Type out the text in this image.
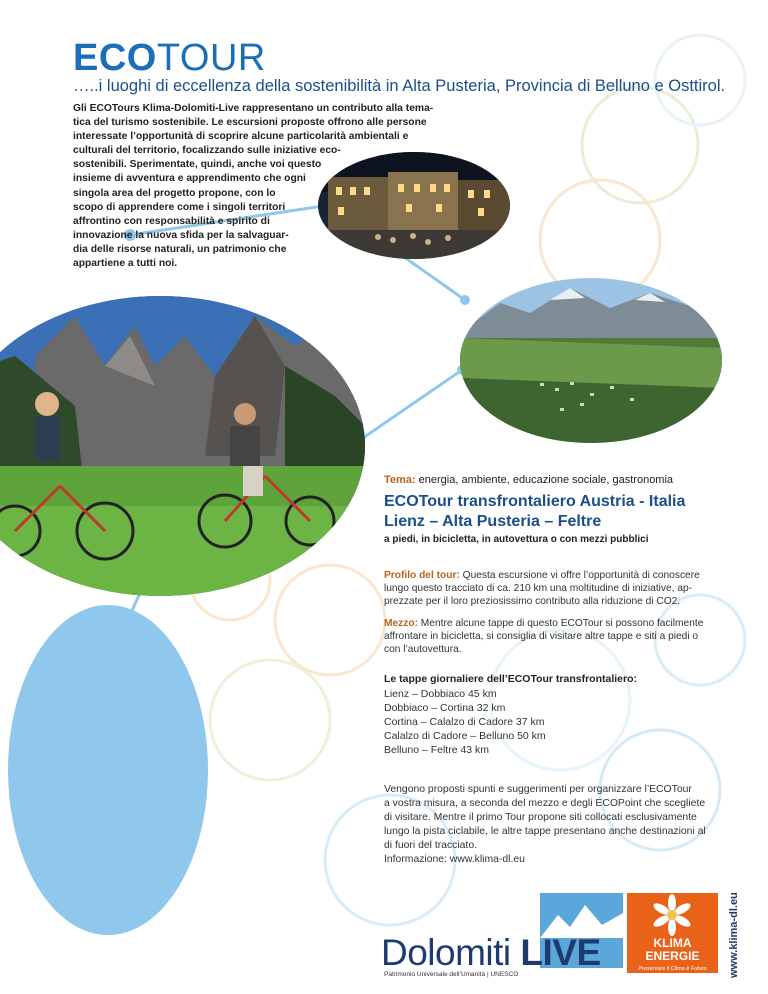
ECOTOUR
…..i luoghi di eccellenza della sostenibilità in Alta Pusteria, Provincia di Belluno e Osttirol.
Gli ECOTours Klima-Dolomiti-Live rappresentano un contributo alla tema-
tica del turismo sostenibile. Le escursioni proposte offrono alle persone
interessate l’opportunità di scoprire alcune particolarità ambientali e
culturali del territorio, focalizzando sulle iniziative eco-
sostenibili. Sperimentate, quindi, anche voi questo
insieme di avventura e apprendimento che ogni
singola area del progetto propone, con lo
scopo di apprendere come i singoli territori
affrontino con responsabilità e spirito di
innovazione la nuova sfida per la salvaguar-
dia delle risorse naturali, un patrimonio che
appartiene a tutti noi.
Tema: energia, ambiente, educazione sociale, gastronomia
ECOTour transfrontaliero Austria - Italia
Lienz – Alta Pusteria – Feltre
a piedi, in bicicletta, in autovettura o con mezzi pubblici
Profilo del tour: Questa escursione vi offre l’opportunità di conoscere
lungo questo tracciato di ca. 210 km una moltitudine di iniziative, ap-
prezzate per il loro preziosissimo contributo alla riduzione di CO2.
Mezzo: Mentre alcune tappe di questo ECOTour si possono facilmente
affrontare in bicicletta, si consiglia di visitare altre tappe e siti a piedi o
con l’autovettura.
Le tappe giornaliere dell’ECOTour transfrontaliero:
Lienz – Dobbiaco 45 km
Dobbiaco – Cortina 32 km
Cortina – Calalzo di Cadore 37 km
Calalzo di Cadore – Belluno 50 km
Belluno – Feltre 43 km
Vengono proposti spunti e suggerimenti per organizzare l’ECOTour
a vostra misura, a seconda del mezzo e degli ECOPoint che scegliete
di visitare. Mentre il primo Tour propone siti collocati esclusivamente
lungo la pista ciclabile, le altre tappe presentano anche destinazioni al
di fuori del tracciato.
Informazione: www.klima-dl.eu
Dolomiti LIVE
Patrimonio Universale dell’Umanità | UNESCO
KLIMA
ENERGIE
Preservare il Clima è Futuro	www.klima-dl.eu
